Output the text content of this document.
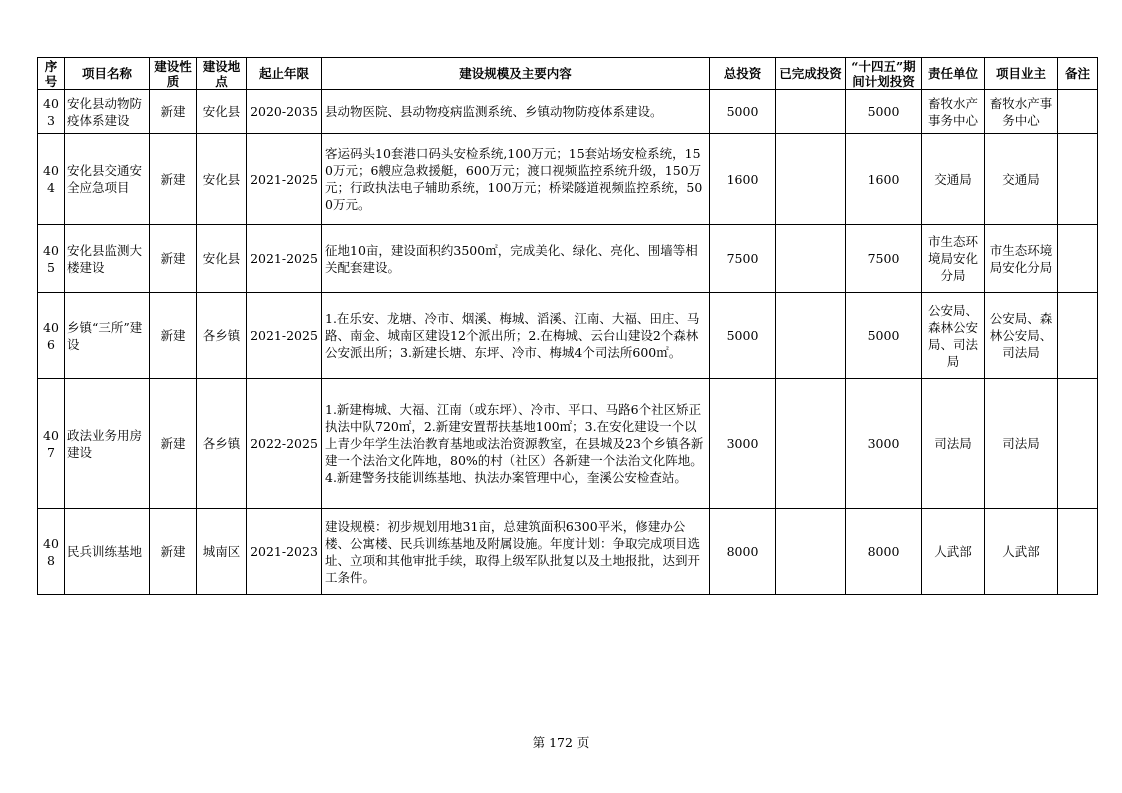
序号	项目名称	建设性质	建设地点	起止年限	建设规模及主要内容	总投资	已完成投资	“十四五”期间计划投资	责任单位	项目业主	备注
403	安化县动物防疫体系建设	新建	安化县	2020-2035	县动物医院、县动物疫病监测系统、乡镇动物防疫体系建设。	5000		5000	畜牧水产事务中心	畜牧水产事务中心	
404	安化县交通安全应急项目	新建	安化县	2021-2025	客运码头10套港口码头安检系统,100万元；15套站场安检系统，150万元；6艘应急救援艇，600万元；渡口视频监控系统升级，150万元；行政执法电子辅助系统，100万元；桥梁隧道视频监控系统，500万元。	1600		1600	交通局	交通局	
405	安化县监测大楼建设	新建	安化县	2021-2025	征地10亩，建设面积约3500㎡，完成美化、绿化、亮化、围墙等相关配套建设。	7500		7500	市生态环境局安化分局	市生态环境局安化分局	
406	乡镇“三所”建设	新建	各乡镇	2021-2025	1.在乐安、龙塘、冷市、烟溪、梅城、滔溪、江南、大福、田庄、马路、南金、城南区建设12个派出所；2.在梅城、云台山建设2个森林公安派出所；3.新建长塘、东坪、冷市、梅城4个司法所600㎡。	5000		5000	公安局、森林公安局、司法局	公安局、森林公安局、司法局	
407	政法业务用房建设	新建	各乡镇	2022-2025	1.新建梅城、大福、江南（或东坪）、冷市、平口、马路6个社区矫正执法中队720㎡，2.新建安置帮扶基地100㎡；3.在安化建设一个以上青少年学生法治教育基地或法治资源教室，在县城及23个乡镇各新建一个法治文化阵地，80%的村（社区）各新建一个法治文化阵地。4.新建警务技能训练基地、执法办案管理中心，奎溪公安检查站。	3000		3000	司法局	司法局	
408	民兵训练基地	新建	城南区	2021-2023	建设规模：初步规划用地31亩，总建筑面积6300平米，修建办公楼、公寓楼、民兵训练基地及附属设施。年度计划：争取完成项目选址、立项和其他审批手续，取得上级军队批复以及土地报批，达到开工条件。	8000		8000	人武部	人武部	
第 172 页
